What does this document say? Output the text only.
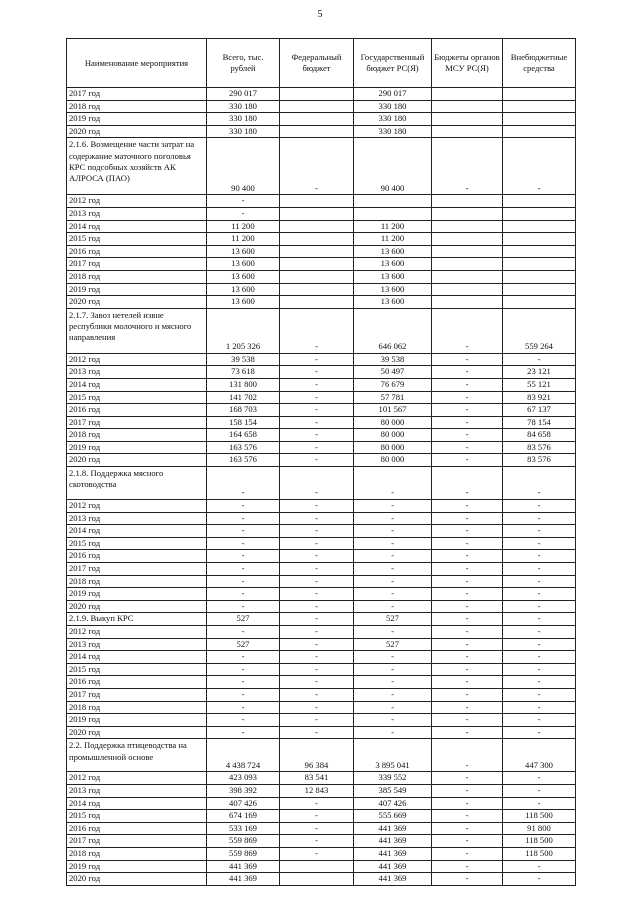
5
Наименование мероприятия	Всего, тыс. рублей	Федеральный бюджет	Государственный бюджет РС(Я)	Бюджеты органов МСУ РС(Я)	Внебюджетные средства
2017 год	290 017		290 017		
2018 год	330 180		330 180		
2019 год	330 180		330 180		
2020 год	330 180		330 180		
2.1.6. Возмещение части затрат на содержание маточного поголовья КРС подсобных хозяйств АК АЛРОСА (ПАО)	90 400	-	90 400	-	-
2012 год	-				
2013 год	-				
2014 год	11 200		11 200		
2015 год	11 200		11 200		
2016 год	13 600		13 600		
2017 год	13 600		13 600		
2018 год	13 600		13 600		
2019 год	13 600		13 600		
2020 год	13 600		13 600		
2.1.7. Завоз нетелей извне республики молочного и мясного направления	1 205 326	-	646 062	-	559 264
2012 год	39 538	-	39 538	-	-
2013 год	73 618	-	50 497	-	23 121
2014 год	131 800	-	76 679	-	55 121
2015 год	141 702	-	57 781	-	83 921
2016 год	168 703	-	101 567	-	67 137
2017 год	158 154	-	80 000	-	78 154
2018 год	164 658	-	80 000	-	84 658
2019 год	163 576	-	80 000	-	83 576
2020 год	163 576	-	80 000	-	83 576
2.1.8. Поддержка мясного скотоводства	-	-	-	-	-
2012 год	-	-	-	-	-
2013 год	-	-	-	-	-
2014 год	-	-	-	-	-
2015 год	-	-	-	-	-
2016 год	-	-	-	-	-
2017 год	-	-	-	-	-
2018 год	-	-	-	-	-
2019 год	-	-	-	-	-
2020 год	-	-	-	-	-
2.1.9. Выкуп КРС	527	-	527	-	-
2012 год	-	-	-	-	-
2013 год	527	-	527	-	-
2014 год	-	-	-	-	-
2015 год	-	-	-	-	-
2016 год	-	-	-	-	-
2017 год	-	-	-	-	-
2018 год	-	-	-	-	-
2019 год	-	-	-	-	-
2020 год	-	-	-	-	-
2.2. Поддержка птицеводства на промышленной основе	4 438 724	96 384	3 895 041	-	447 300
2012 год	423 093	83 541	339 552	-	-
2013 год	398 392	12 843	385 549	-	-
2014 год	407 426	-	407 426	-	-
2015 год	674 169	-	555 669	-	118 500
2016 год	533 169	-	441 369	-	91 800
2017 год	559 869	-	441 369	-	118 500
2018 год	559 869	-	441 369	-	118 500
2019 год	441 369		441 369	-	-
2020 год	441 369		441 369	-	-
